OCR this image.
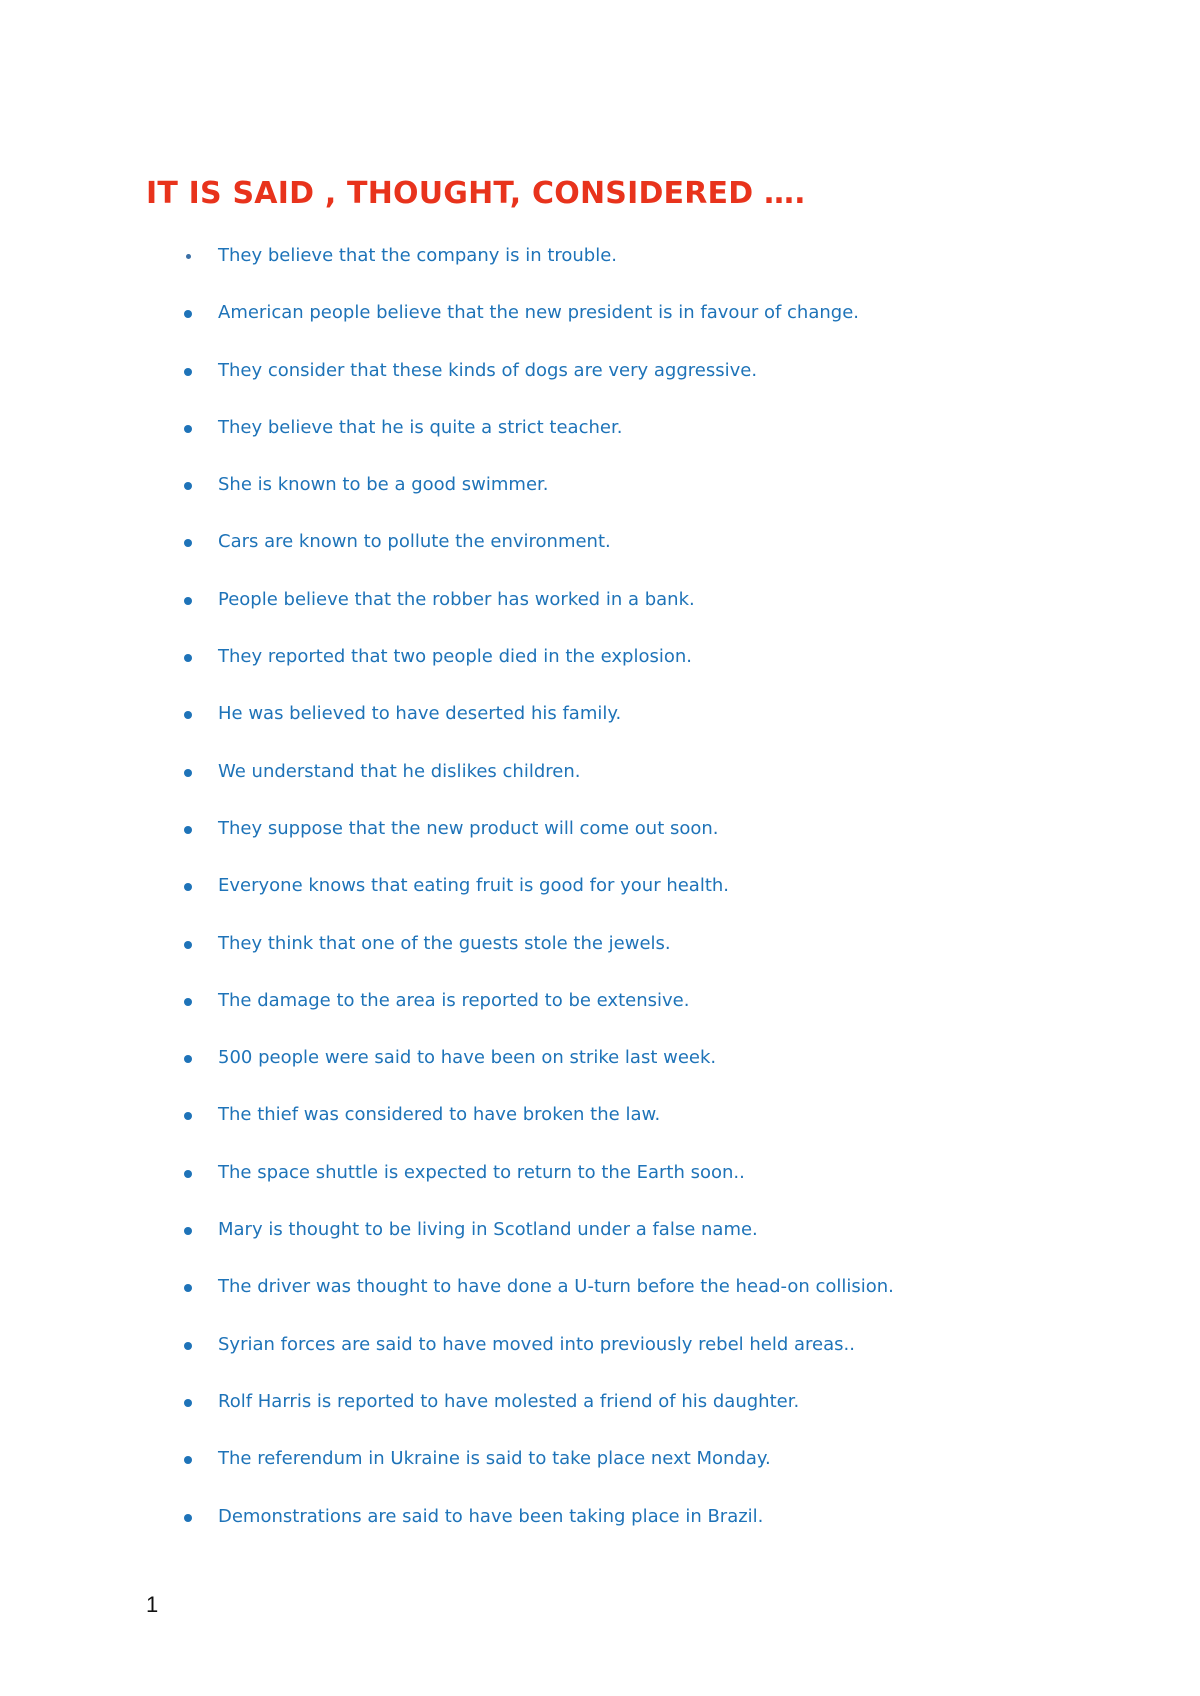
IT IS SAID , THOUGHT, CONSIDERED ….
They believe that the company is in trouble.
American people believe that the new president is in favour of change.
They consider that these kinds of dogs are very aggressive.
They believe that he is quite a strict teacher.
She is known to be a good swimmer.
Cars are known to pollute the environment.
People believe that the robber has worked in a bank.
They reported that two people died in the explosion.
He was believed to have deserted his family.
We understand that he dislikes children.
They suppose that the new product will come out soon.
Everyone knows that eating fruit is good for your health.
They think that one of the guests stole the jewels.
The damage to the area is reported to be extensive.
500 people were said to have been on strike last week.
The thief was considered to have broken the law.
The space shuttle is expected to return to the Earth soon..
Mary is thought to be living in Scotland under a false name.
The driver was thought to have done a U-turn before the head-on collision.
Syrian forces are said to have moved into previously rebel held areas..
Rolf Harris is reported to have molested a friend of his daughter.
The referendum in Ukraine is said to take place next Monday.
Demonstrations are said to have been taking place in Brazil.
1
